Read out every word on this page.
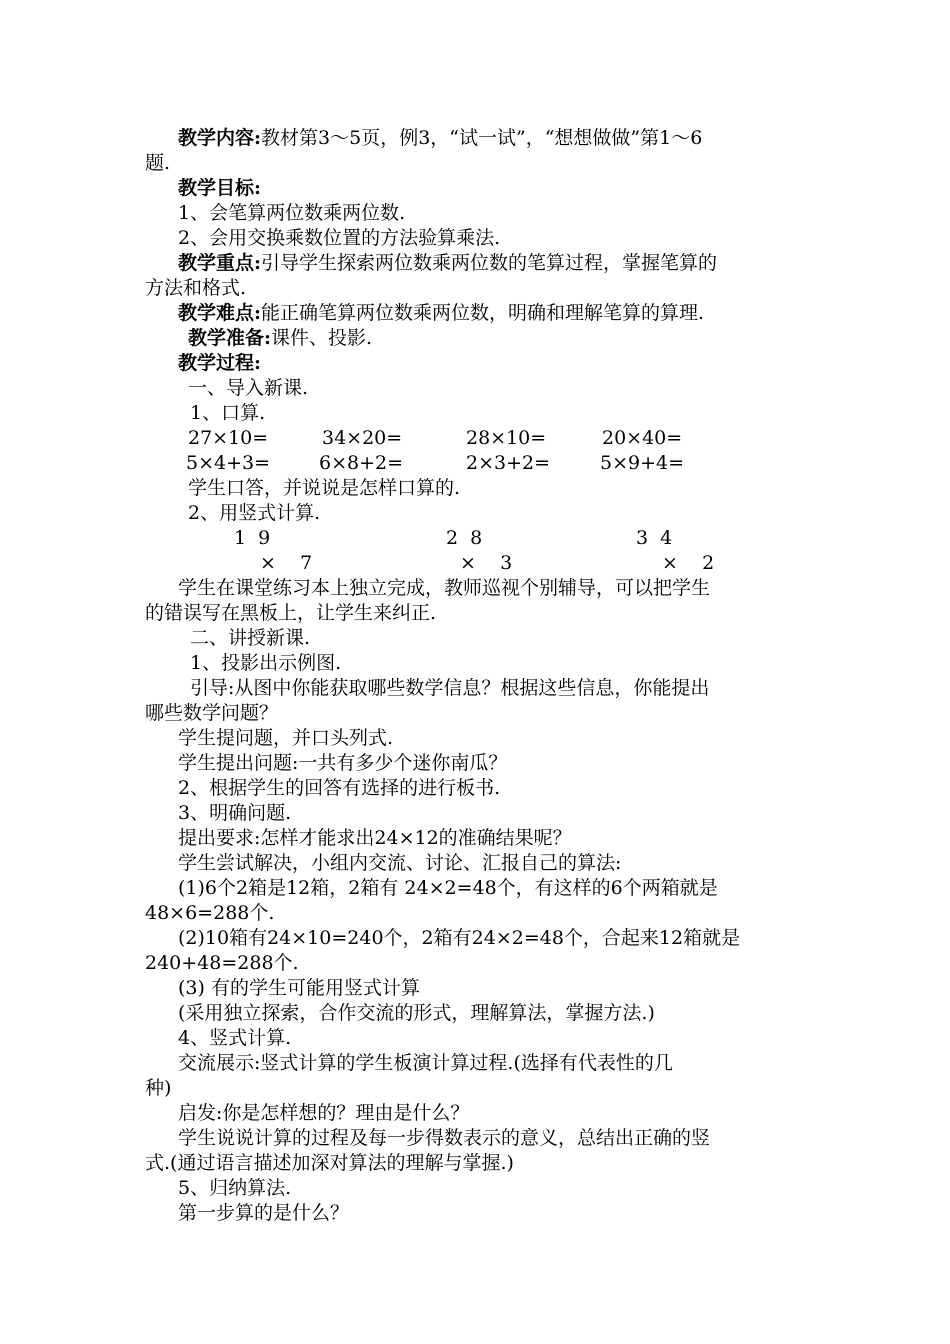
教学内容:教材第3～5页，例3，“试一试”，“想想做做”第1～6
题.
教学目标:
1、会笔算两位数乘两位数.
2、会用交换乘数位置的方法验算乘法.
教学重点:引导学生探索两位数乘两位数的笔算过程，掌握笔算的
方法和格式.
教学难点:能正确笔算两位数乘两位数，明确和理解笔算的算理.
教学准备:课件、投影.
教学过程:
一、导入新课.
1、口算.
27×10=	34×20=	28×10=	20×40=
5×4+3=	6×8+2=	2×3+2=	5×9+4=
学生口答，并说说是怎样口算的.
2、用竖式计算.
1  9
×    7
2  8
×    3
3  4
×    2
学生在课堂练习本上独立完成，教师巡视个别辅导，可以把学生
的错误写在黑板上，让学生来纠正.
二、讲授新课.
1、投影出示例图.
引导:从图中你能获取哪些数学信息？根据这些信息，你能提出
哪些数学问题？
学生提问题，并口头列式.
学生提出问题:一共有多少个迷你南瓜？
2、根据学生的回答有选择的进行板书.
3、明确问题.
提出要求:怎样才能求出24×12的准确结果呢？
学生尝试解决，小组内交流、讨论、汇报自己的算法:
(1)6个2箱是12箱，2箱有 24×2=48个，有这样的6个两箱就是
48×6=288个.
(2)10箱有24×10=240个，2箱有24×2=48个，合起来12箱就是
240+48=288个.
(3) 有的学生可能用竖式计算
(采用独立探索，合作交流的形式，理解算法，掌握方法.)
4、竖式计算.
交流展示:竖式计算的学生板演计算过程.(选择有代表性的几
种)
启发:你是怎样想的？理由是什么？
学生说说计算的过程及每一步得数表示的意义，总结出正确的竖
式.(通过语言描述加深对算法的理解与掌握.)
5、归纳算法.
第一步算的是什么？
